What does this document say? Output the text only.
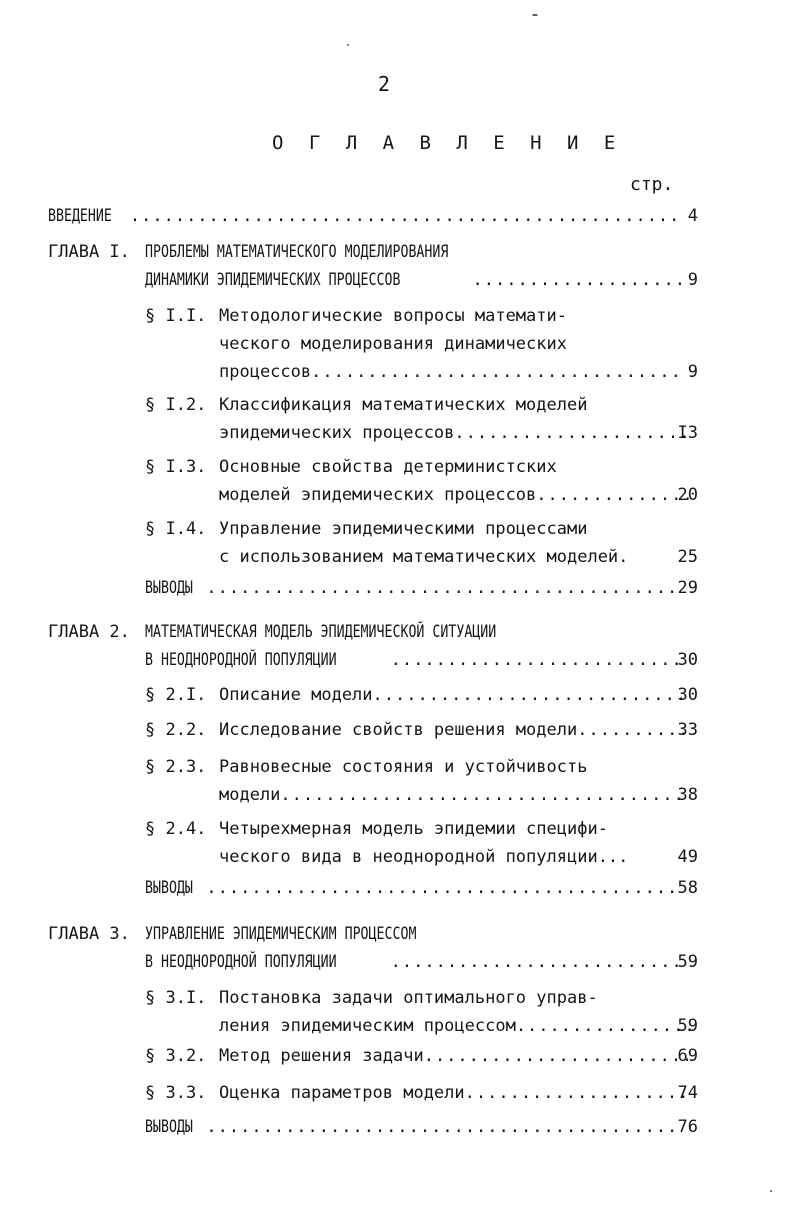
2
О Г Л А В Л Е Н И Е
стр.
ВВЕДЕНИЕ .....	4
ГЛАВА I. ПРОБЛЕМЫ МАТЕМАТИЧЕСКОГО МОДЕЛИРОВАНИЯ
ДИНАМИКИ ЭПИДЕМИЧЕСКИХ ПРОЦЕССОВ .....	9
§ I.I. Методологические вопросы математи-
ческого моделирования динамических
процессов .....	9
§ I.2. Классификация математических моделей
эпидемических процессов .....	I3
§ I.3. Основные свойства детерминистских
моделей эпидемических процессов .....	20
§ I.4. Управление эпидемическими процессами
с использованием математических моделей.	25
ВЫВОДЫ .....	29
ГЛАВА 2. МАТЕМАТИЧЕСКАЯ МОДЕЛЬ ЭПИДЕМИЧЕСКОЙ СИТУАЦИИ
В НЕОДНОРОДНОЙ ПОПУЛЯЦИИ .....	30
§ 2.I. Описание модели .....	30
§ 2.2. Исследование свойств решения модели .....	33
§ 2.3. Равновесные состояния и устойчивость
модели .....	38
§ 2.4. Четырехмерная модель эпидемии специфи-
ческого вида в неоднородной популяции...	49
ВЫВОДЫ .....	58
ГЛАВА 3. УПРАВЛЕНИЕ ЭПИДЕМИЧЕСКИМ ПРОЦЕССОМ
В НЕОДНОРОДНОЙ ПОПУЛЯЦИИ .....	59
§ 3.I. Постановка задачи оптимального управ-
ления эпидемическим процессом .....	59
§ 3.2. Метод решения задачи .....	69
§ 3.3. Оценка параметров модели .....	74
ВЫВОДЫ .....	76
